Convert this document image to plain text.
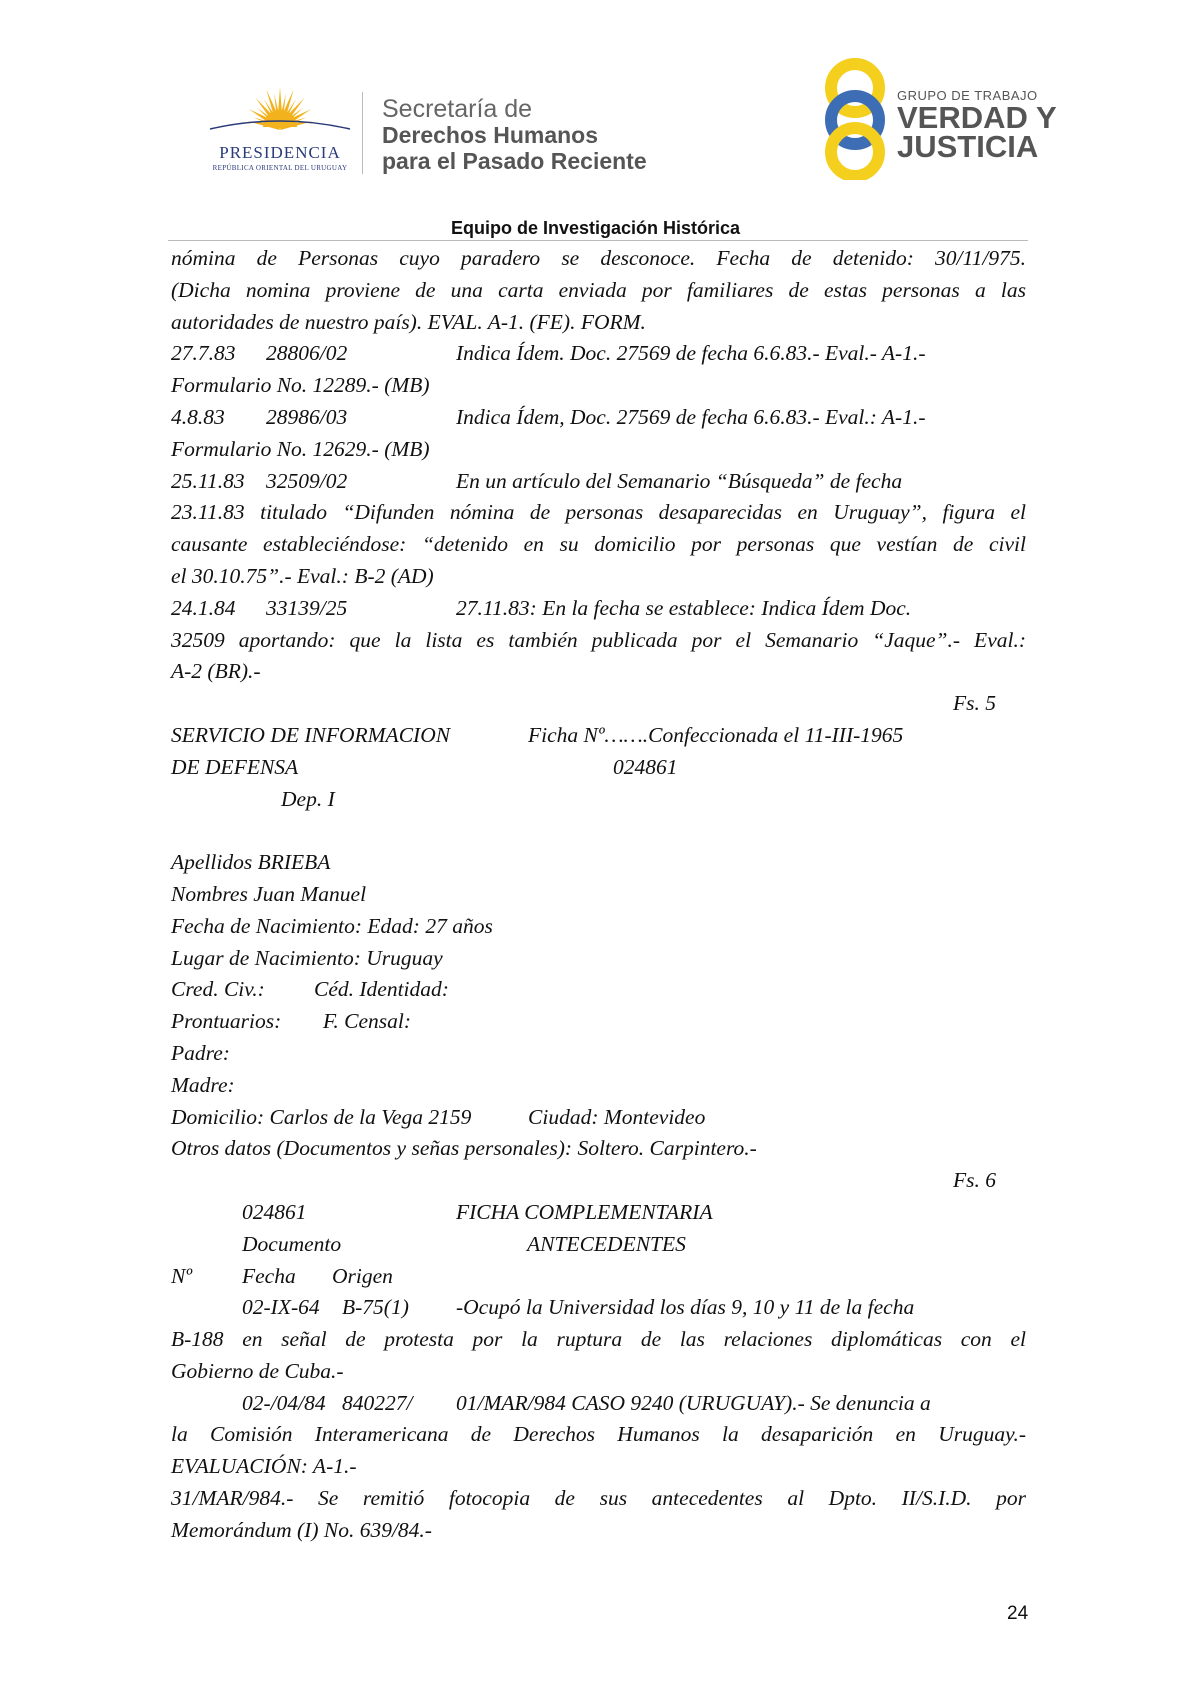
PRESIDENCIA
REPÚBLICA ORIENTAL DEL URUGUAY
Secretaría de
Derechos Humanos
para el Pasado Reciente
GRUPO DE TRABAJO
VERDAD Y
JUSTICIA
Equipo de Investigación Histórica
nómina de Personas cuyo paradero se desconoce. Fecha de detenido: 30/11/975.
(Dicha nomina proviene de una carta enviada por familiares de estas personas a las
autoridades de nuestro país). EVAL. A-1. (FE). FORM.
27.7.83 28806/02	Indica Ídem. Doc. 27569 de fecha 6.6.83.- Eval.- A-1.-
Formulario No. 12289.- (MB)
4.8.83 28986/03	Indica Ídem, Doc. 27569 de fecha 6.6.83.- Eval.: A-1.-
Formulario No. 12629.- (MB)
25.11.83 32509/02	En un artículo del Semanario “Búsqueda” de fecha
23.11.83 titulado “Difunden nómina de personas desaparecidas en Uruguay”, figura el
causante estableciéndose: “detenido en su domicilio por personas que vestían de civil
el 30.10.75”.- Eval.: B-2 (AD)
24.1.84 33139/25	27.11.83: En la fecha se establece: Indica Ídem Doc.
32509 aportando: que la lista es también publicada por el Semanario “Jaque”.- Eval.:
A-2 (BR).-
Fs. 5
SERVICIO DE INFORMACION	Ficha Nº…….Confeccionada el 11-III-1965
DE DEFENSA	024861
Dep. I
Apellidos BRIEBA
Nombres Juan Manuel
Fecha de Nacimiento: Edad: 27 años
Lugar de Nacimiento: Uruguay
Cred. Civ.: Céd. Identidad:
Prontuarios: F. Censal:
Padre:
Madre:
Domicilio: Carlos de la Vega 2159	Ciudad: Montevideo
Otros datos (Documentos y señas personales): Soltero. Carpintero.-
Fs. 6
024861	FICHA COMPLEMENTARIA
Documento	ANTECEDENTES
Nº Fecha Origen
02-IX-64 B-75(1) -Ocupó la Universidad los días 9, 10 y 11 de la fecha
B-188 en señal de protesta por la ruptura de las relaciones diplomáticas con el
Gobierno de Cuba.-
02-/04/84 840227/ 01/MAR/984 CASO 9240 (URUGUAY).- Se denuncia a
la Comisión Interamericana de Derechos Humanos la desaparición en Uruguay.-
EVALUACIÓN: A-1.-
31/MAR/984.- Se remitió fotocopia de sus antecedentes al Dpto. II/S.I.D. por
Memorándum (I) No. 639/84.-
24
